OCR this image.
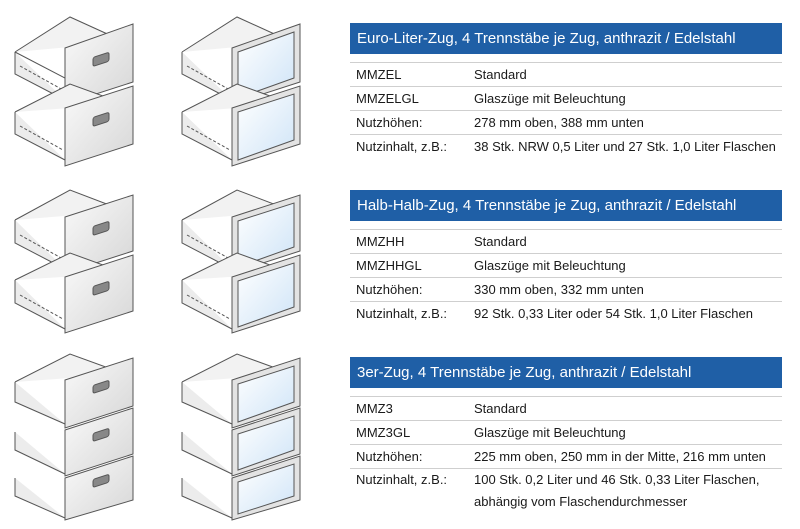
Euro-Liter-Zug, 4 Trennstäbe je Zug, anthrazit / Edelstahl
MMZEL	Standard
MMZELGL	Glaszüge mit Beleuchtung
Nutzhöhen:	278 mm oben, 388 mm unten
Nutzinhalt, z.B.:	38 Stk. NRW 0,5 Liter und 27 Stk. 1,0 Liter Flaschen
Halb-Halb-Zug, 4 Trennstäbe je Zug, anthrazit / Edelstahl
MMZHH	Standard
MMZHHGL	Glaszüge mit Beleuchtung
Nutzhöhen:	330 mm oben, 332 mm unten
Nutzinhalt, z.B.:	92 Stk. 0,33 Liter oder 54 Stk. 1,0 Liter Flaschen
3er-Zug, 4 Trennstäbe je Zug, anthrazit / Edelstahl
MMZ3	Standard
MMZ3GL	Glaszüge mit Beleuchtung
Nutzhöhen:	225 mm oben, 250 mm in der Mitte, 216 mm unten
Nutzinhalt, z.B.:	100 Stk. 0,2 Liter und 46 Stk. 0,33 Liter Flaschen,
abhängig vom Flaschendurchmesser
